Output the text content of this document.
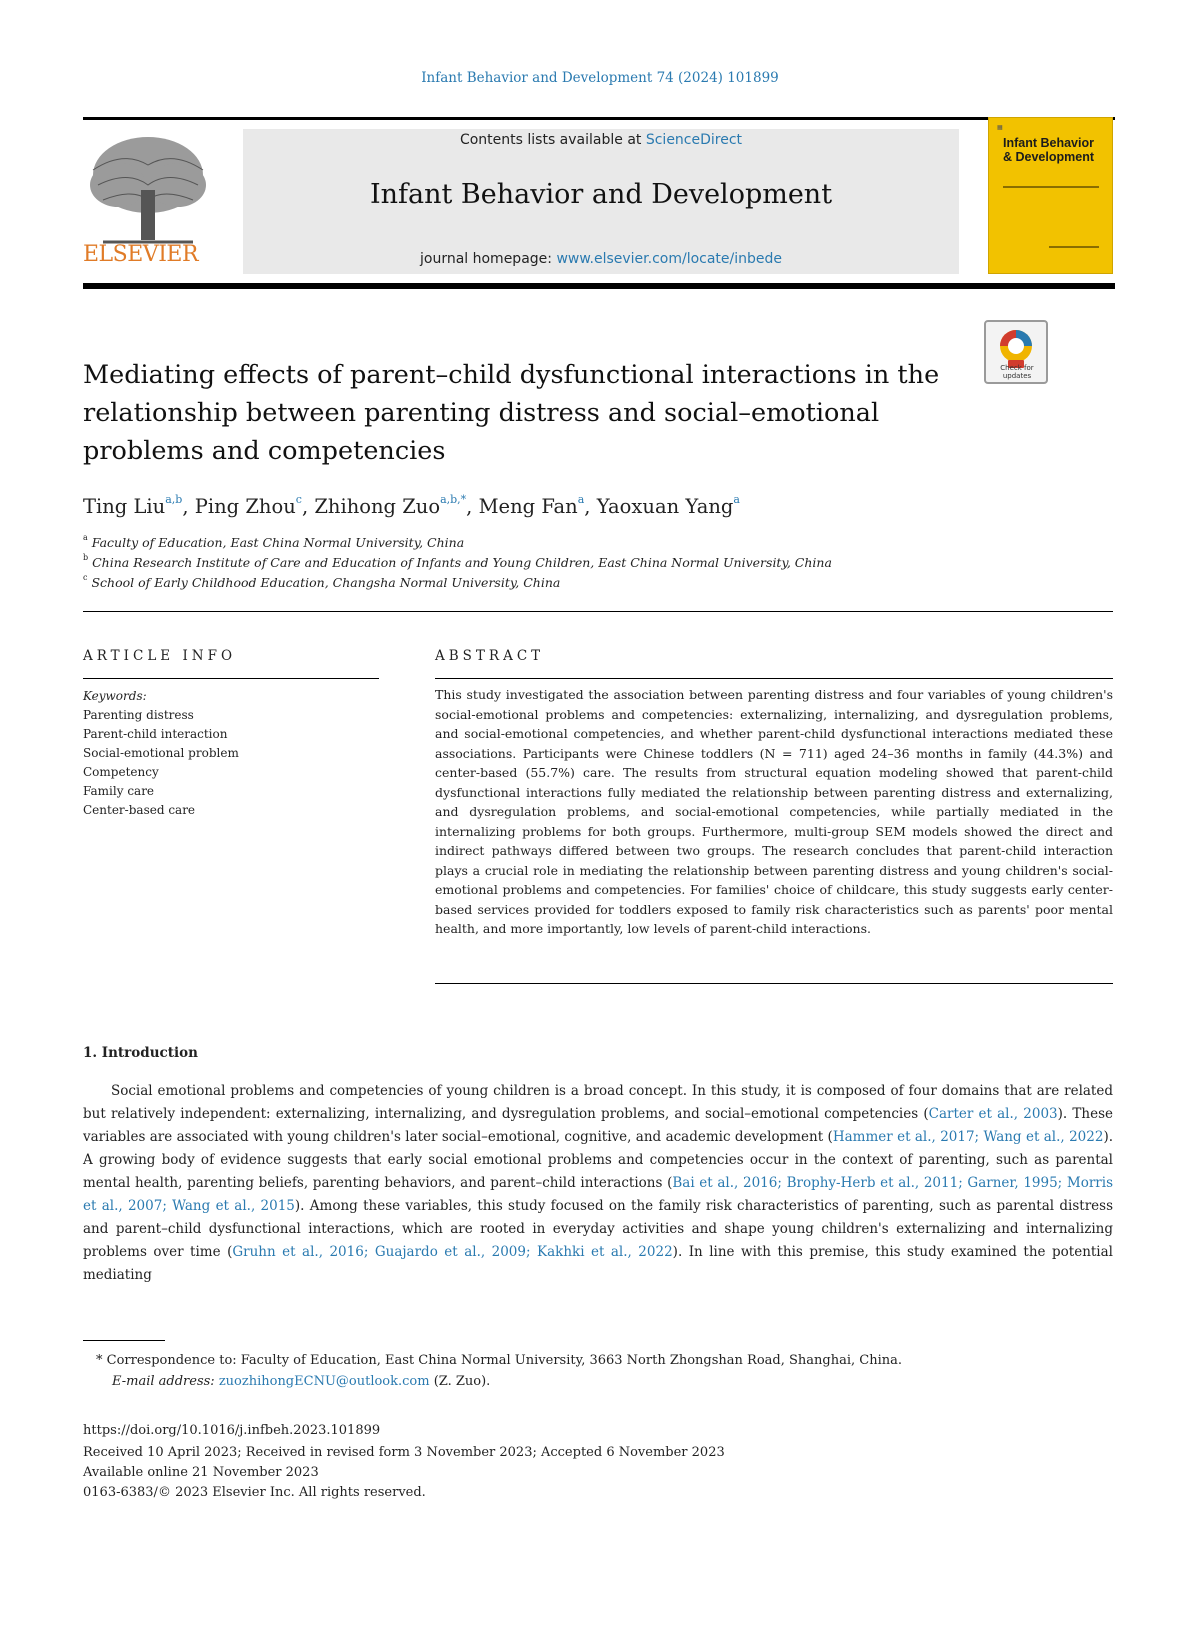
Infant Behavior and Development 74 (2024) 101899
ELSEVIER
Contents lists available at ScienceDirect
Infant Behavior and Development
journal homepage: www.elsevier.com/locate/inbede
▦
Infant Behavior & Development
Check for updates
Mediating effects of parent–child dysfunctional interactions in the relationship between parenting distress and social–emotional problems and competencies
Ting Liu$^{a,b}$, Ping Zhou$^c$, Zhihong Zuo$^{a,b,*}$, Meng Fan$^a$, Yaoxuan Yang$^a$
$^a$ Faculty of Education, East China Normal University, China
$^b$ China Research Institute of Care and Education of Infants and Young Children, East China Normal University, China
$^c$ School of Early Childhood Education, Changsha Normal University, China
ARTICLE INFO
Keywords:
Parenting distress
Parent-child interaction
Social-emotional problem
Competency
Family care
Center-based care
ABSTRACT
This study investigated the association between parenting distress and four variables of young children's social-emotional problems and competencies: externalizing, internalizing, and dysregulation problems, and social-emotional competencies, and whether parent-child dysfunctional interactions mediated these associations. Participants were Chinese toddlers (N = 711) aged 24–36 months in family (44.3%) and center-based (55.7%) care. The results from structural equation modeling showed that parent-child dysfunctional interactions fully mediated the relationship between parenting distress and externalizing, and dysregulation problems, and social-emotional competencies, while partially mediated in the internalizing problems for both groups. Furthermore, multi-group SEM models showed the direct and indirect pathways differed between two groups. The research concludes that parent-child interaction plays a crucial role in mediating the relationship between parenting distress and young children's social-emotional problems and competencies. For families' choice of childcare, this study suggests early center-based services provided for toddlers exposed to family risk characteristics such as parents' poor mental health, and more importantly, low levels of parent-child interactions.
1. Introduction
Social emotional problems and competencies of young children is a broad concept. In this study, it is composed of four domains that are related but relatively independent: externalizing, internalizing, and dysregulation problems, and social–emotional competencies (Carter et al., 2003). These variables are associated with young children's later social–emotional, cognitive, and academic development (Hammer et al., 2017; Wang et al., 2022). A growing body of evidence suggests that early social emotional problems and competencies occur in the context of parenting, such as parental mental health, parenting beliefs, parenting behaviors, and parent–child interactions (Bai et al., 2016; Brophy-Herb et al., 2011; Garner, 1995; Morris et al., 2007; Wang et al., 2015). Among these variables, this study focused on the family risk characteristics of parenting, such as parental distress and parent–child dysfunctional interactions, which are rooted in everyday activities and shape young children's externalizing and internalizing problems over time (Gruhn et al., 2016; Guajardo et al., 2009; Kakhki et al., 2022). In line with this premise, this study examined the potential mediating
* Correspondence to: Faculty of Education, East China Normal University, 3663 North Zhongshan Road, Shanghai, China.
E-mail address: zuozhihongECNU@outlook.com (Z. Zuo).
https://doi.org/10.1016/j.infbeh.2023.101899
Received 10 April 2023; Received in revised form 3 November 2023; Accepted 6 November 2023
Available online 21 November 2023
0163-6383/© 2023 Elsevier Inc. All rights reserved.
